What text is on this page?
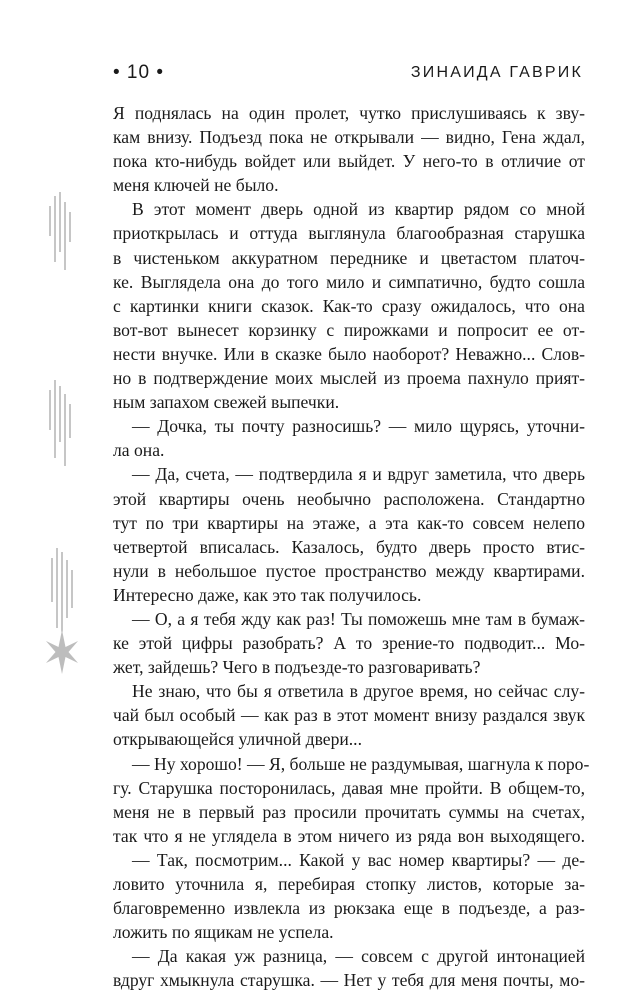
• 10 •	ЗИНАИДА ГАВРИК
Я поднялась на один пролет, чутко прислушиваясь к зву-
кам внизу. Подъезд пока не открывали — видно, Гена ждал,
пока кто-нибудь войдет или выйдет. У него-то в отличие от
меня ключей не было.
В этот момент дверь одной из квартир рядом со мной
приоткрылась и оттуда выглянула благообразная старушка
в чистеньком аккуратном переднике и цветастом платоч-
ке. Выглядела она до того мило и симпатично, будто сошла
с картинки книги сказок. Как-то сразу ожидалось, что она
вот-вот вынесет корзинку с пирожками и попросит ее от-
нести внучке. Или в сказке было наоборот? Неважно... Слов-
но в подтверждение моих мыслей из проема пахнуло прият-
ным запахом свежей выпечки.
— Дочка, ты почту разносишь? — мило щурясь, уточни-
ла она.
— Да, счета, — подтвердила я и вдруг заметила, что дверь
этой квартиры очень необычно расположена. Стандартно
тут по три квартиры на этаже, а эта как-то совсем нелепо
четвертой вписалась. Казалось, будто дверь просто втис-
нули в небольшое пустое пространство между квартирами.
Интересно даже, как это так получилось.
— О, а я тебя жду как раз! Ты поможешь мне там в бумаж-
ке этой цифры разобрать? А то зрение-то подводит... Мо-
жет, зайдешь? Чего в подъезде-то разговаривать?
Не знаю, что бы я ответила в другое время, но сейчас слу-
чай был особый — как раз в этот момент внизу раздался звук
открывающейся уличной двери...
— Ну хорошо! — Я, больше не раздумывая, шагнула к поро-
гу. Старушка посторонилась, давая мне пройти. В общем-то,
меня не в первый раз просили прочитать суммы на счетах,
так что я не углядела в этом ничего из ряда вон выходящего.
— Так, посмотрим... Какой у вас номер квартиры? — де-
ловито уточнила я, перебирая стопку листов, которые за-
благовременно извлекла из рюкзака еще в подъезде, а раз-
ложить по ящикам не успела.
— Да какая уж разница, — совсем с другой интонацией
вдруг хмыкнула старушка. — Нет у тебя для меня почты, мо-
